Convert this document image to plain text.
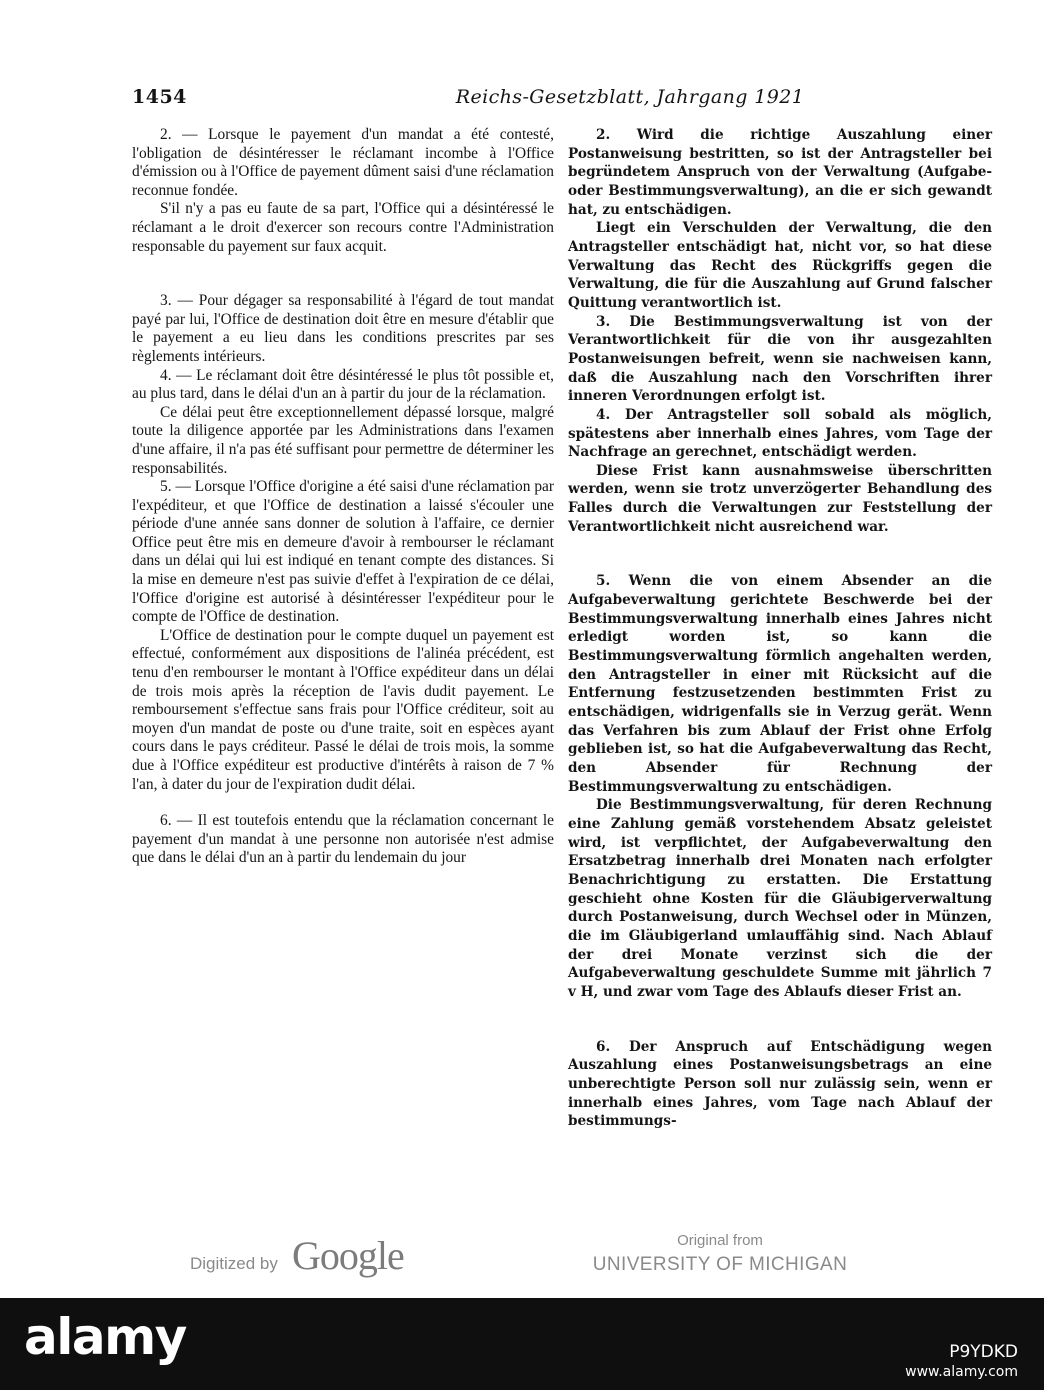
1454	Reichs-Gesetzblatt, Jahrgang 1921

2. — Lorsque le payement d'un mandat a été contesté, l'obligation de désintéresser le réclamant incombe à l'Office d'émission ou à l'Office de payement dûment saisi d'une réclamation reconnue fondée.

S'il n'y a pas eu faute de sa part, l'Office qui a désintéressé le réclamant a le droit d'exercer son recours contre l'Administration responsable du payement sur faux acquit.

3. — Pour dégager sa responsabilité à l'égard de tout mandat payé par lui, l'Office de destination doit être en mesure d'établir que le payement a eu lieu dans les conditions prescrites par ses règlements intérieurs.

4. — Le réclamant doit être désintéressé le plus tôt possible et, au plus tard, dans le délai d'un an à partir du jour de la réclamation.

Ce délai peut être exceptionnellement dépassé lorsque, malgré toute la diligence apportée par les Administrations dans l'examen d'une affaire, il n'a pas été suffisant pour permettre de déterminer les responsabilités.

5. — Lorsque l'Office d'origine a été saisi d'une réclamation par l'expéditeur, et que l'Office de destination a laissé s'écouler une période d'une année sans donner de solution à l'affaire, ce dernier Office peut être mis en demeure d'avoir à rembourser le réclamant dans un délai qui lui est indiqué en tenant compte des distances. Si la mise en demeure n'est pas suivie d'effet à l'expiration de ce délai, l'Office d'origine est autorisé à désintéresser l'expéditeur pour le compte de l'Office de destination.

L'Office de destination pour le compte duquel un payement est effectué, conformément aux dispositions de l'alinéa précédent, est tenu d'en rembourser le montant à l'Office expéditeur dans un délai de trois mois après la réception de l'avis dudit payement. Le remboursement s'effectue sans frais pour l'Office créditeur, soit au moyen d'un mandat de poste ou d'une traite, soit en espèces ayant cours dans le pays créditeur. Passé le délai de trois mois, la somme due à l'Office expéditeur est productive d'intérêts à raison de 7 % l'an, à dater du jour de l'expiration dudit délai.

6. — Il est toutefois entendu que la réclamation concernant le payement d'un mandat à une personne non autorisée n'est admise que dans le délai d'un an à partir du lendemain du jour

2. Wird die richtige Auszahlung einer Postanweisung bestritten, so ist der Antragsteller bei begründetem Anspruch von der Verwaltung (Aufgabe- oder Bestimmungsverwaltung), an die er sich gewandt hat, zu entschädigen.

Liegt ein Verschulden der Verwaltung, die den Antragsteller entschädigt hat, nicht vor, so hat diese Verwaltung das Recht des Rückgriffs gegen die Verwaltung, die für die Auszahlung auf Grund falscher Quittung verantwortlich ist.

3. Die Bestimmungsverwaltung ist von der Verantwortlichkeit für die von ihr ausgezahlten Postanweisungen befreit, wenn sie nachweisen kann, daß die Auszahlung nach den Vorschriften ihrer inneren Verordnungen erfolgt ist.

4. Der Antragsteller soll sobald als möglich, spätestens aber innerhalb eines Jahres, vom Tage der Nachfrage an gerechnet, entschädigt werden.

Diese Frist kann ausnahmsweise überschritten werden, wenn sie trotz unverzögerter Behandlung des Falles durch die Verwaltungen zur Feststellung der Verantwortlichkeit nicht ausreichend war.

5. Wenn die von einem Absender an die Aufgabeverwaltung gerichtete Beschwerde bei der Bestimmungsverwaltung innerhalb eines Jahres nicht erledigt worden ist, so kann die Bestimmungsverwaltung förmlich angehalten werden, den Antragsteller in einer mit Rücksicht auf die Entfernung festzusetzenden bestimmten Frist zu entschädigen, widrigenfalls sie in Verzug gerät. Wenn das Verfahren bis zum Ablauf der Frist ohne Erfolg geblieben ist, so hat die Aufgabeverwaltung das Recht, den Absender für Rechnung der Bestimmungsverwaltung zu entschädigen.

Die Bestimmungsverwaltung, für deren Rechnung eine Zahlung gemäß vorstehendem Absatz geleistet wird, ist verpflichtet, der Aufgabeverwaltung den Ersatzbetrag innerhalb drei Monaten nach erfolgter Benachrichtigung zu erstatten. Die Erstattung geschieht ohne Kosten für die Gläubigerverwaltung durch Postanweisung, durch Wechsel oder in Münzen, die im Gläubigerland umlauffähig sind. Nach Ablauf der drei Monate verzinst sich die der Aufgabeverwaltung geschuldete Summe mit jährlich 7 v H, und zwar vom Tage des Ablaufs dieser Frist an.

6. Der Anspruch auf Entschädigung wegen Auszahlung eines Postanweisungsbetrags an eine unberechtigte Person soll nur zulässig sein, wenn er innerhalb eines Jahres, vom Tage nach Ablauf der bestimmungs-

Digitized by Google	Original from
UNIVERSITY OF MICHIGAN
alamy	P9YDKD
www.alamy.com
